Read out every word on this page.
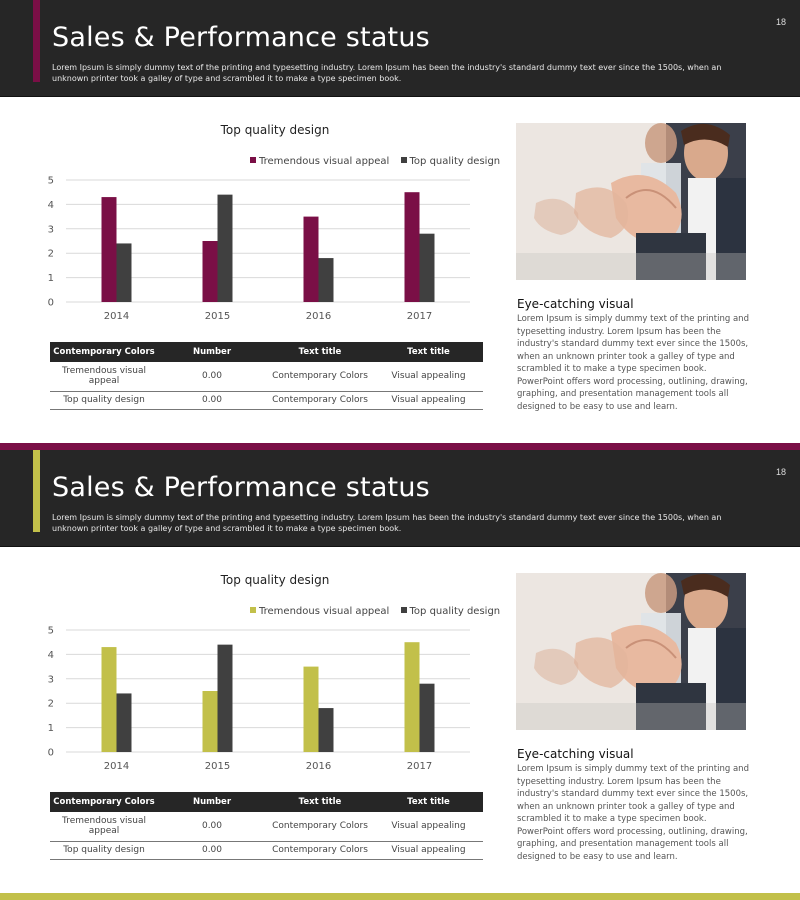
Sales & Performance status
Lorem Ipsum is simply dummy text of the printing and typesetting industry. Lorem Ipsum has been the industry's standard dummy text ever since the 1500s, when an unknown printer took a galley of type and scrambled it to make a type specimen book.
18
Top quality design
Tremendous visual appeal Top quality design
0
1
2
3
4
5
2014	2015	2016	2017
Contemporary Colors	Number	Text title	Text title
Tremendous visual appeal	0.00	Contemporary Colors	Visual appealing
Top quality design	0.00	Contemporary Colors	Visual appealing
Eye-catching visual
Lorem Ipsum is simply dummy text of the printing and typesetting industry. Lorem Ipsum has been the industry's standard dummy text ever since the 1500s, when an unknown printer took a galley of type and scrambled it to make a type specimen book. PowerPoint offers word processing, outlining, drawing, graphing, and presentation management tools all designed to be easy to use and learn.
Sales & Performance status
Lorem Ipsum is simply dummy text of the printing and typesetting industry. Lorem Ipsum has been the industry's standard dummy text ever since the 1500s, when an unknown printer took a galley of type and scrambled it to make a type specimen book.
18
Top quality design
Tremendous visual appeal Top quality design
0
1
2
3
4
5
2014	2015	2016	2017
Contemporary Colors	Number	Text title	Text title
Tremendous visual appeal	0.00	Contemporary Colors	Visual appealing
Top quality design	0.00	Contemporary Colors	Visual appealing
Eye-catching visual
Lorem Ipsum is simply dummy text of the printing and typesetting industry. Lorem Ipsum has been the industry's standard dummy text ever since the 1500s, when an unknown printer took a galley of type and scrambled it to make a type specimen book. PowerPoint offers word processing, outlining, drawing, graphing, and presentation management tools all designed to be easy to use and learn.
